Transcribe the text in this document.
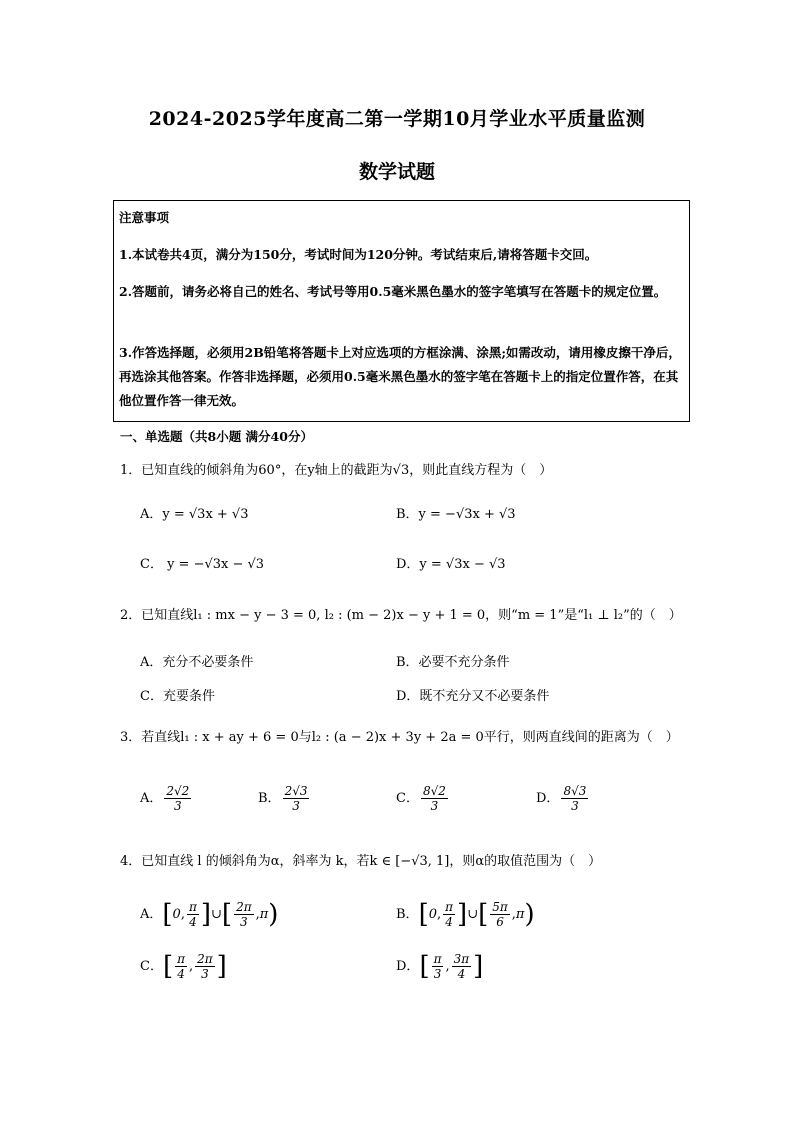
2024-2025学年度高二第一学期10月学业水平质量监测
数学试题
注意事项
1.本试卷共4页，满分为150分，考试时间为120分钟。考试结束后,请将答题卡交回。
2.答题前，请务必将自己的姓名、考试号等用0.5毫米黑色墨水的签字笔填写在答题卡的规定位置。
3.作答选择题，必须用2B铅笔将答题卡上对应选项的方框涂满、涂黑;如需改动，请用橡皮擦干净后，再选涂其他答案。作答非选择题，必须用0.5毫米黑色墨水的签字笔在答题卡上的指定位置作答，在其他位置作答一律无效。
一、单选题（共8小题 满分40分）
1．已知直线的倾斜角为60°，在y轴上的截距为√3，则此直线方程为（　）
A．y = √3x + √3	B．y = −√3x + √3
C． y = −√3x − √3	D．y = √3x − √3
2．已知直线l₁ : mx − y − 3 = 0, l₂ : (m − 2)x − y + 1 = 0，则“m = 1”是“l₁ ⊥ l₂”的（　）
A．充分不必要条件	B．必要不充分条件
C．充要条件	D．既不充分又不必要条件
3．若直线l₁ : x + ay + 6 = 0与l₂ : (a − 2)x + 3y + 2a = 0平行，则两直线间的距离为（　）
A． $\frac{2√2}{3}$	B． $\frac{2√3}{3}$	C． $\frac{8√2}{3}$	D． $\frac{8√3}{3}$
4．已知直线 l 的倾斜角为α，斜率为 k，若k ∈ [−√3, 1]，则α的取值范围为（　）
A．[0, $\frac{\pi}{4}$ ]∪[ $\frac{2\pi}{3} ,\pi$)	B．[0, $\frac{\pi}{4}$ ]∪[ $\frac{5\pi}{6} ,\pi$)
C．[ $\frac{\pi}{4}$ , $\frac{2\pi}{3}$ ]	D．[ $\frac{\pi}{3}$ , $\frac{3\pi}{4}$ ]
